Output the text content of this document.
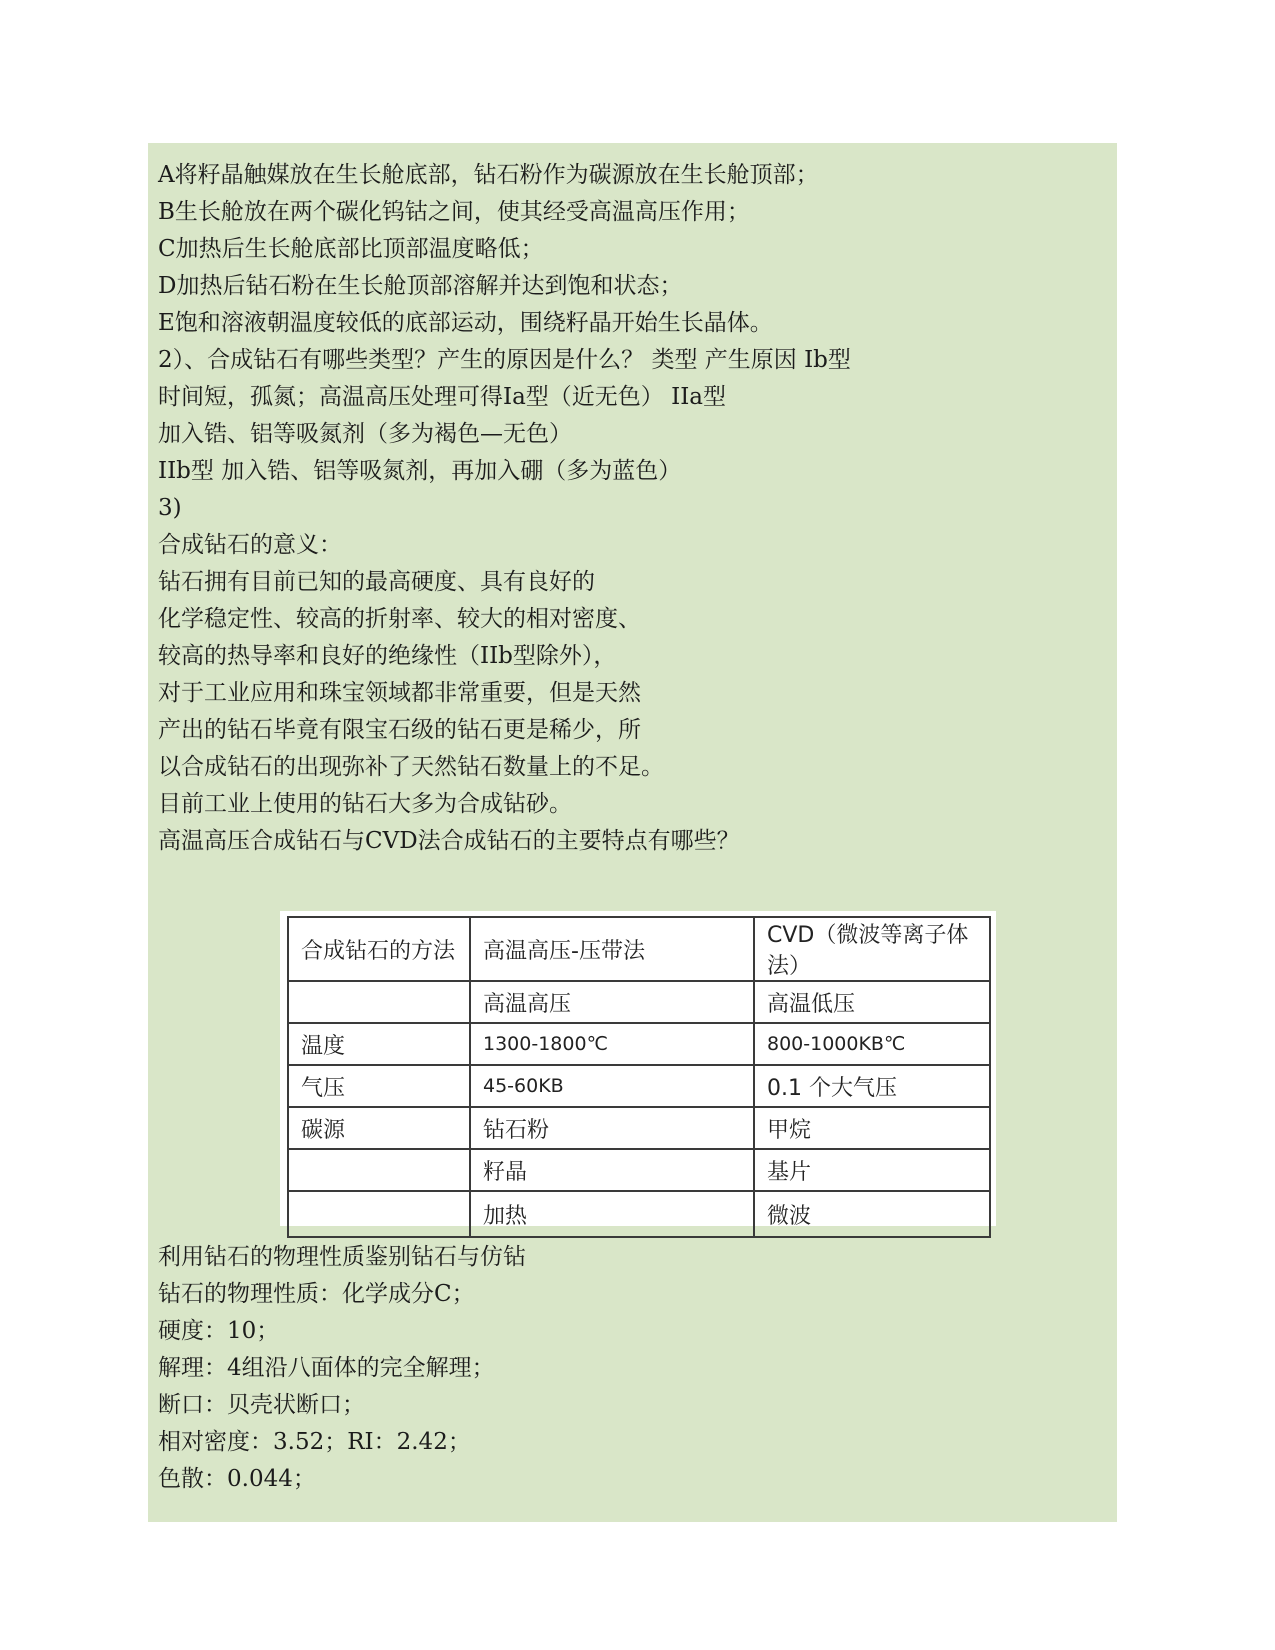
A将籽晶触媒放在生长舱底部，钻石粉作为碳源放在生长舱顶部；
B生长舱放在两个碳化钨钴之间，使其经受高温高压作用；
C加热后生长舱底部比顶部温度略低；
D加热后钻石粉在生长舱顶部溶解并达到饱和状态；
E饱和溶液朝温度较低的底部运动，围绕籽晶开始生长晶体。
2）、合成钻石有哪些类型？产生的原因是什么？ 类型 产生原因 Ib型
时间短，孤氮；高温高压处理可得Ia型（近无色） IIa型
加入锆、铝等吸氮剂（多为褐色—无色）
IIb型 加入锆、铝等吸氮剂，再加入硼（多为蓝色）
3)
合成钻石的意义：
钻石拥有目前已知的最高硬度、具有良好的
化学稳定性、较高的折射率、较大的相对密度、
较高的热导率和良好的绝缘性（IIb型除外），
对于工业应用和珠宝领域都非常重要，但是天然
产出的钻石毕竟有限宝石级的钻石更是稀少，所
以合成钻石的出现弥补了天然钻石数量上的不足。
目前工业上使用的钻石大多为合成钻砂。
高温高压合成钻石与CVD法合成钻石的主要特点有哪些？
合成钻石的方法	高温高压-压带法	CVD（微波等离子体法）
	高温高压	高温低压
温度	1300-1800℃	800-1000KB℃
气压	45-60KB	0.1 个大气压
碳源	钻石粉	甲烷
	籽晶	基片
	加热	微波
利用钻石的物理性质鉴别钻石与仿钻
钻石的物理性质：化学成分C；
硬度：10；
解理：4组沿八面体的完全解理；
断口：贝壳状断口；
相对密度：3.52；RI：2.42；
色散：0.044；
